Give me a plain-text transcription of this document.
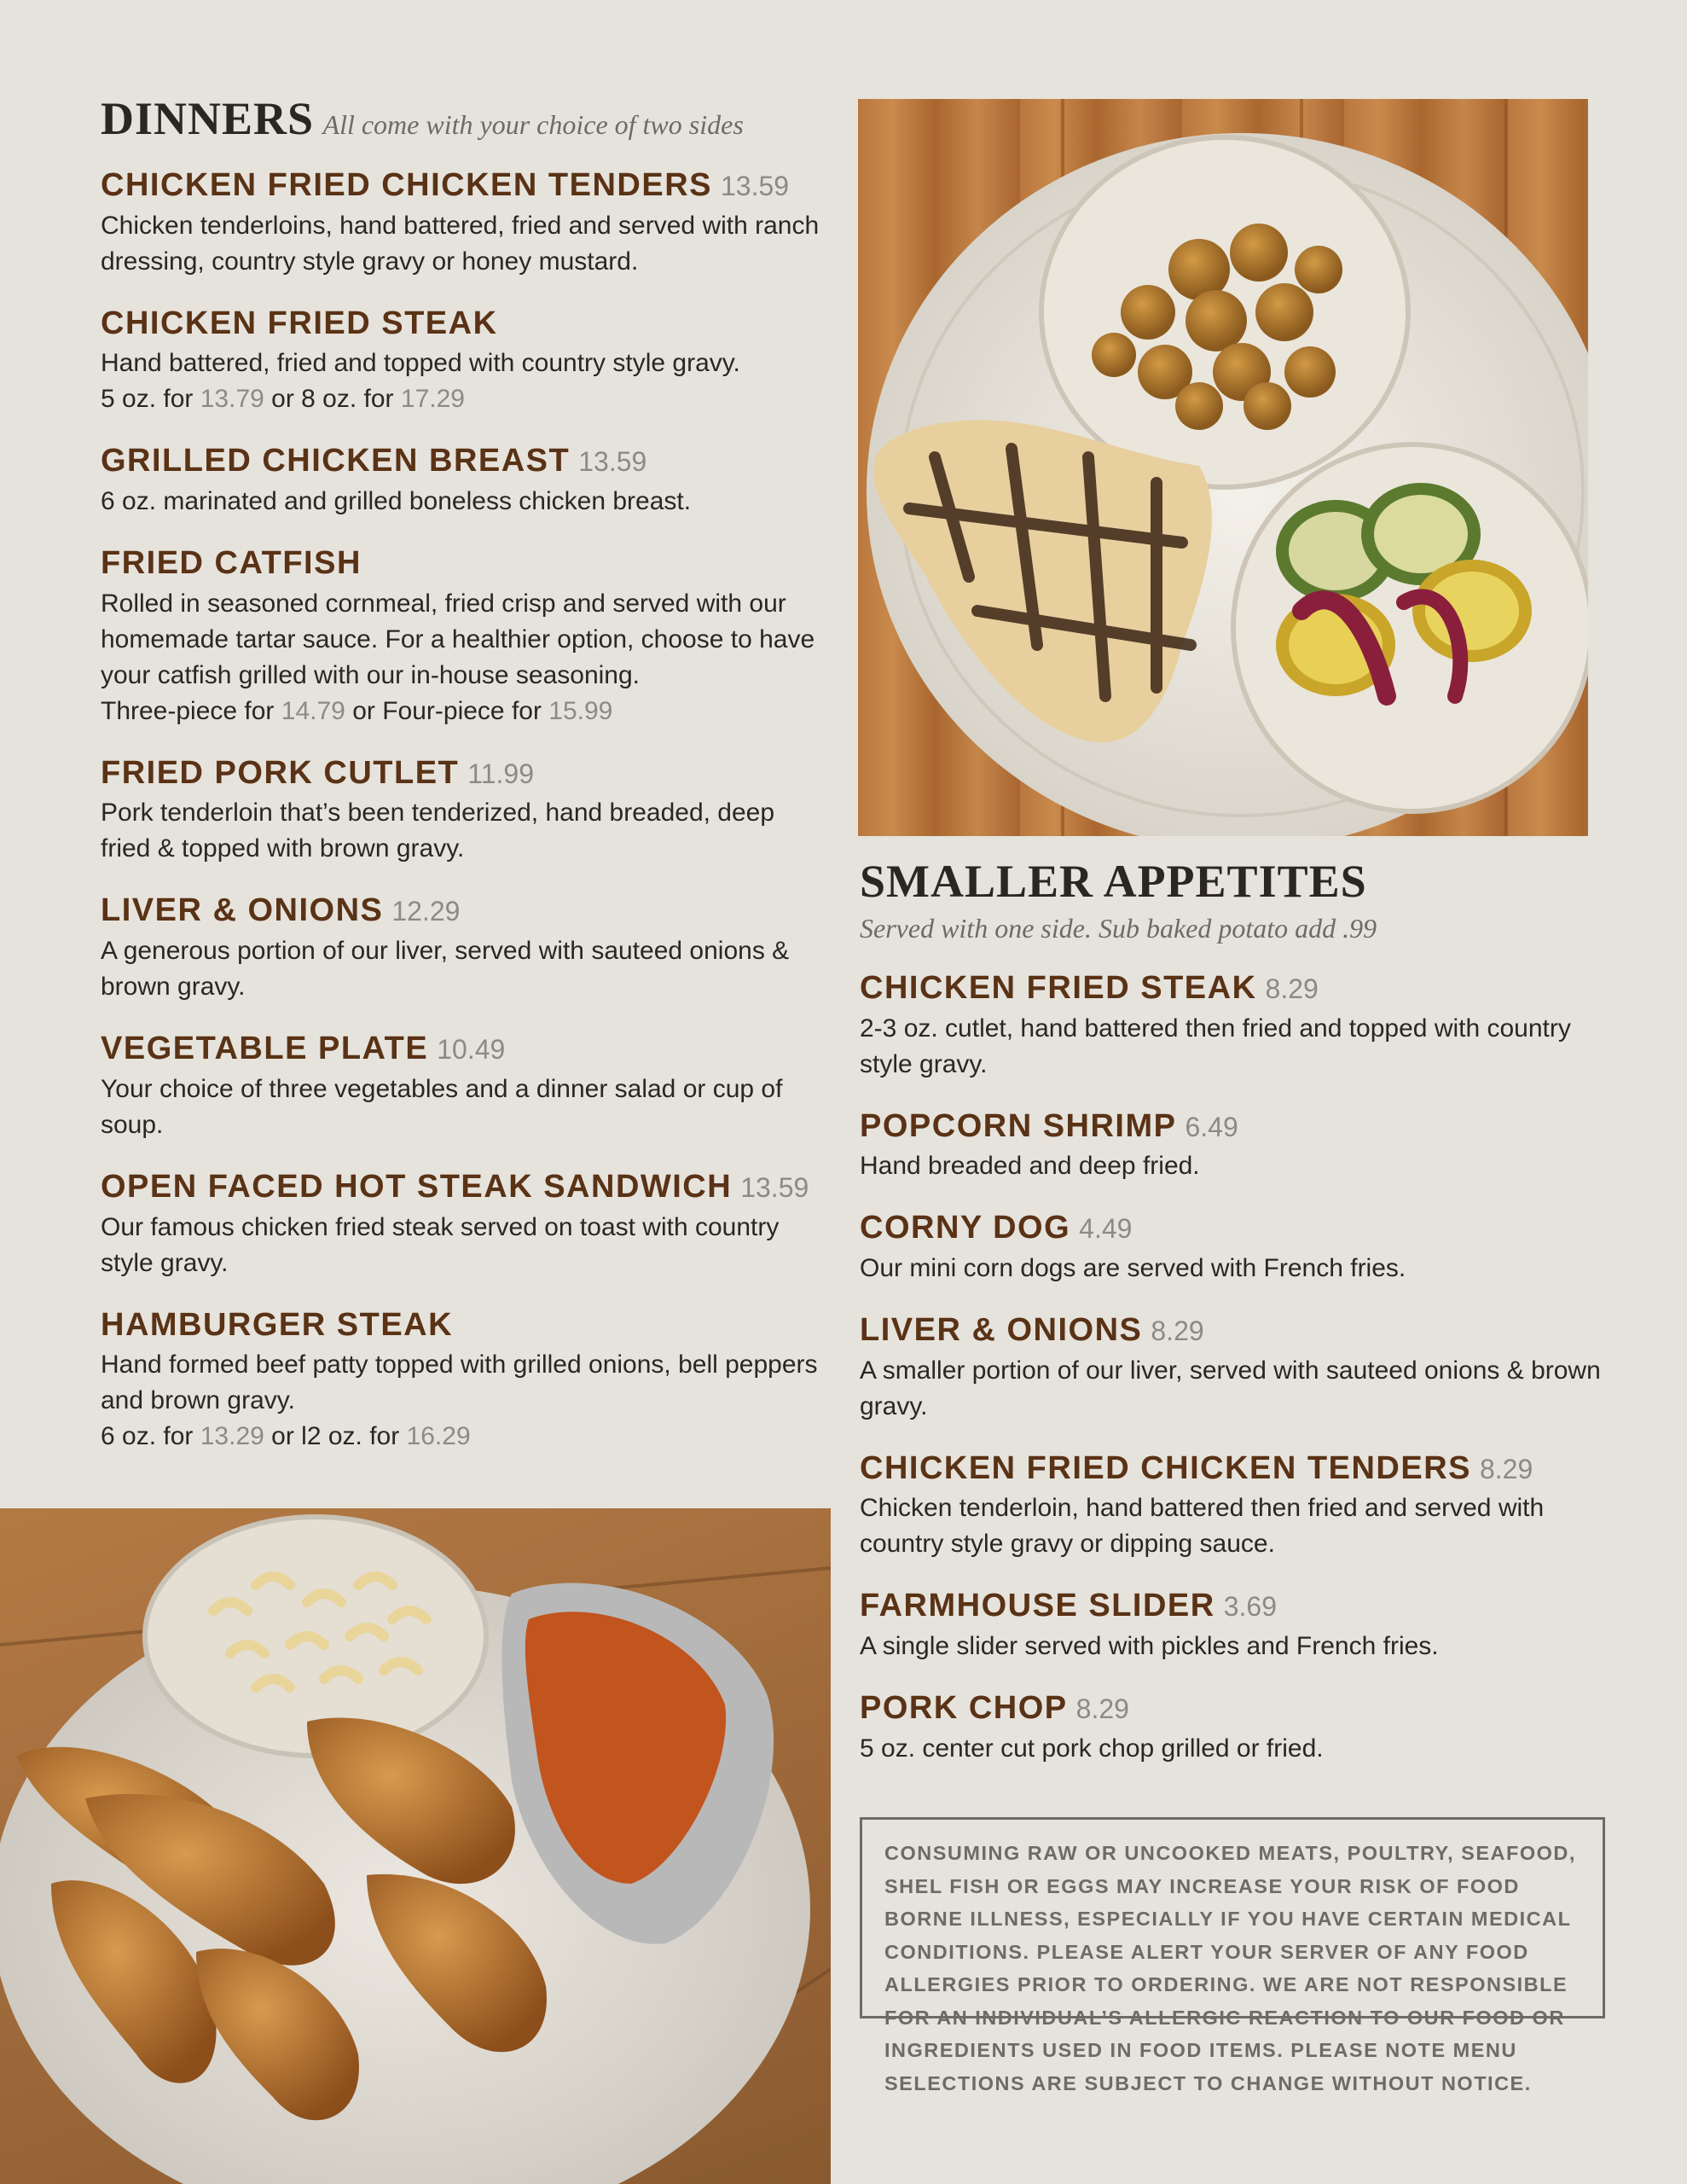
DINNERS All come with your choice of two sides
CHICKEN FRIED CHICKEN TENDERS 13.59
Chicken tenderloins, hand battered, fried and served with ranch dressing, country style gravy or honey mustard.
CHICKEN FRIED STEAK
Hand battered, fried and topped with country style gravy.
5 oz. for 13.79 or 8 oz. for 17.29
GRILLED CHICKEN BREAST 13.59
6 oz. marinated and grilled boneless chicken breast.
FRIED CATFISH
Rolled in seasoned cornmeal, fried crisp and served with our homemade tartar sauce. For a healthier option, choose to have your catfish grilled with our in-house seasoning.
Three-piece for 14.79 or Four-piece for 15.99
FRIED PORK CUTLET 11.99
Pork tenderloin that’s been tenderized, hand breaded, deep fried & topped with brown gravy.
LIVER & ONIONS 12.29
A generous portion of our liver, served with sauteed onions & brown gravy.
VEGETABLE PLATE 10.49
Your choice of three vegetables and a dinner salad or cup of soup.
OPEN FACED HOT STEAK SANDWICH 13.59
Our famous chicken fried steak served on toast with country style gravy.
HAMBURGER STEAK
Hand formed beef patty topped with grilled onions, bell peppers and brown gravy.
6 oz. for 13.29 or l2 oz. for 16.29
SMALLER APPETITES
Served with one side. Sub baked potato add .99
CHICKEN FRIED STEAK 8.29
2-3 oz. cutlet, hand battered then fried and topped with country style gravy.
POPCORN SHRIMP 6.49
Hand breaded and deep fried.
CORNY DOG 4.49
Our mini corn dogs are served with French fries.
LIVER & ONIONS 8.29
A smaller portion of our liver, served with sauteed onions & brown gravy.
CHICKEN FRIED CHICKEN TENDERS 8.29
Chicken tenderloin, hand battered then fried and served with country style gravy or dipping sauce.
FARMHOUSE SLIDER 3.69
A single slider served with pickles and French fries.
PORK CHOP 8.29
5 oz. center cut pork chop grilled or fried.
CONSUMING RAW OR UNCOOKED MEATS, POULTRY, SEAFOOD, SHEL FISH OR EGGS MAY INCREASE YOUR RISK OF FOOD BORNE ILLNESS, ESPECIALLY IF YOU HAVE CERTAIN MEDICAL CONDITIONS. PLEASE ALERT YOUR SERVER OF ANY FOOD ALLERGIES PRIOR TO ORDERING. WE ARE NOT RESPONSIBLE FOR AN INDIVIDUAL’S ALLERGIC REACTION TO OUR FOOD OR INGREDIENTS USED IN FOOD ITEMS. PLEASE NOTE MENU SELECTIONS ARE SUBJECT TO CHANGE WITHOUT NOTICE.
